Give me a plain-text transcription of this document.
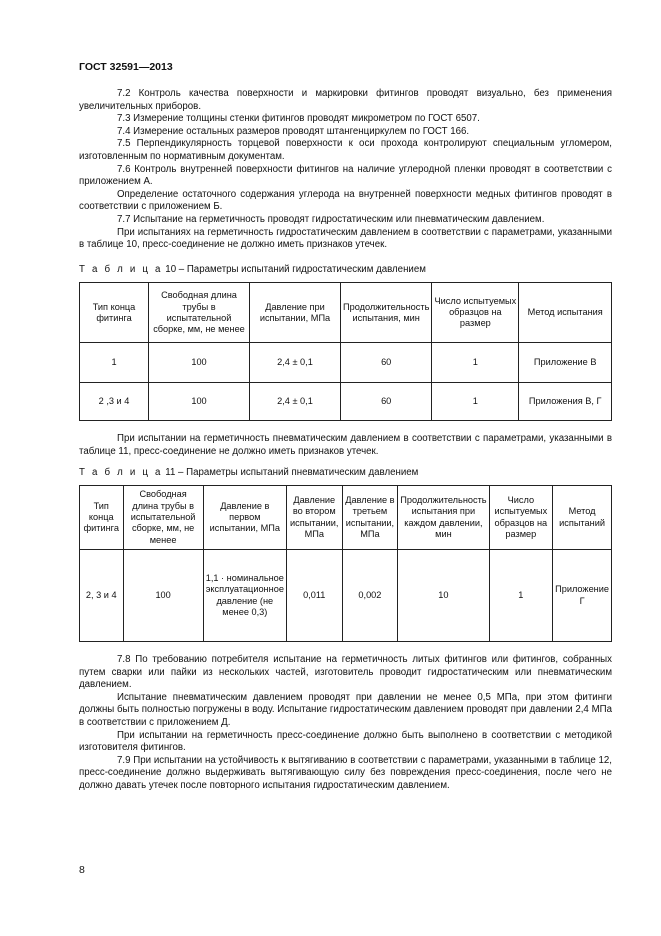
ГОСТ 32591—2013

7.2 Контроль качества поверхности и маркировки фитингов проводят визуально, без применения увеличительных приборов.

7.3 Измерение толщины стенки фитингов проводят микрометром по ГОСТ 6507.

7.4 Измерение остальных размеров проводят штангенциркулем по ГОСТ 166.

7.5 Перпендикулярность торцевой поверхности к оси прохода контролируют специальным угломером, изготовленным по нормативным документам.

7.6 Контроль внутренней поверхности фитингов на наличие углеродной пленки проводят в соответствии с приложением А.

Определение остаточного содержания углерода на внутренней поверхности медных фитингов проводят в соответствии с приложением Б.

7.7 Испытание на герметичность проводят гидростатическим или пневматическим давлением.

При испытаниях на герметичность гидростатическим давлением в соответствии с параметрами, указанными в таблице 10, пресс-соединение не должно иметь признаков утечек.

Т а б л и ц а 10 – Параметры испытаний гидростатическим давлением
Тип конца фитинга	Свободная длина трубы в испытательной сборке, мм, не менее	Давление при испытании, МПа	Продолжительность испытания, мин	Число испытуемых образцов на размер	Метод испытания
1	100	2,4 ± 0,1	60	1	Приложение В
2 ,3 и 4	100	2,4 ± 0,1	60	1	Приложения В, Г

При испытании на герметичность пневматическим давлением в соответствии с параметрами, указанными в таблице 11, пресс-соединение не должно иметь признаков утечек.

Т а б л и ц а 11 – Параметры испытаний пневматическим давлением
Тип конца фитинга	Свободная длина трубы в испытательной сборке, мм, не менее	Давление в первом испытании, МПа	Давление во втором испытании, МПа	Давление в третьем испытании, МПа	Продолжительность испытания при каждом давлении, мин	Число испытуемых образцов на размер	Метод испытаний
2, 3 и 4	100	1,1 · номинальное эксплуатационное давление (не менее 0,3)	0,011	0,002	10	1	Приложение Г

7.8 По требованию потребителя испытание на герметичность литых фитингов или фитингов, собранных путем сварки или пайки из нескольких частей, изготовитель проводит гидростатическим или пневматическим давлением.

Испытание пневматическим давлением проводят при давлении не менее 0,5 МПа, при этом фитинги должны быть полностью погружены в воду. Испытание гидростатическим давлением проводят при давлении 2,4 МПа в соответствии с приложением Д.

При испытании на герметичность пресс-соединение должно быть выполнено в соответствии с методикой изготовителя фитингов.

7.9 При испытании на устойчивость к вытягиванию в соответствии с параметрами, указанными в таблице 12, пресс-соединение должно выдерживать вытягивающую силу без повреждения пресс-соединения, после чего не должно давать утечек после повторного испытания гидростатическим давлением.

8
